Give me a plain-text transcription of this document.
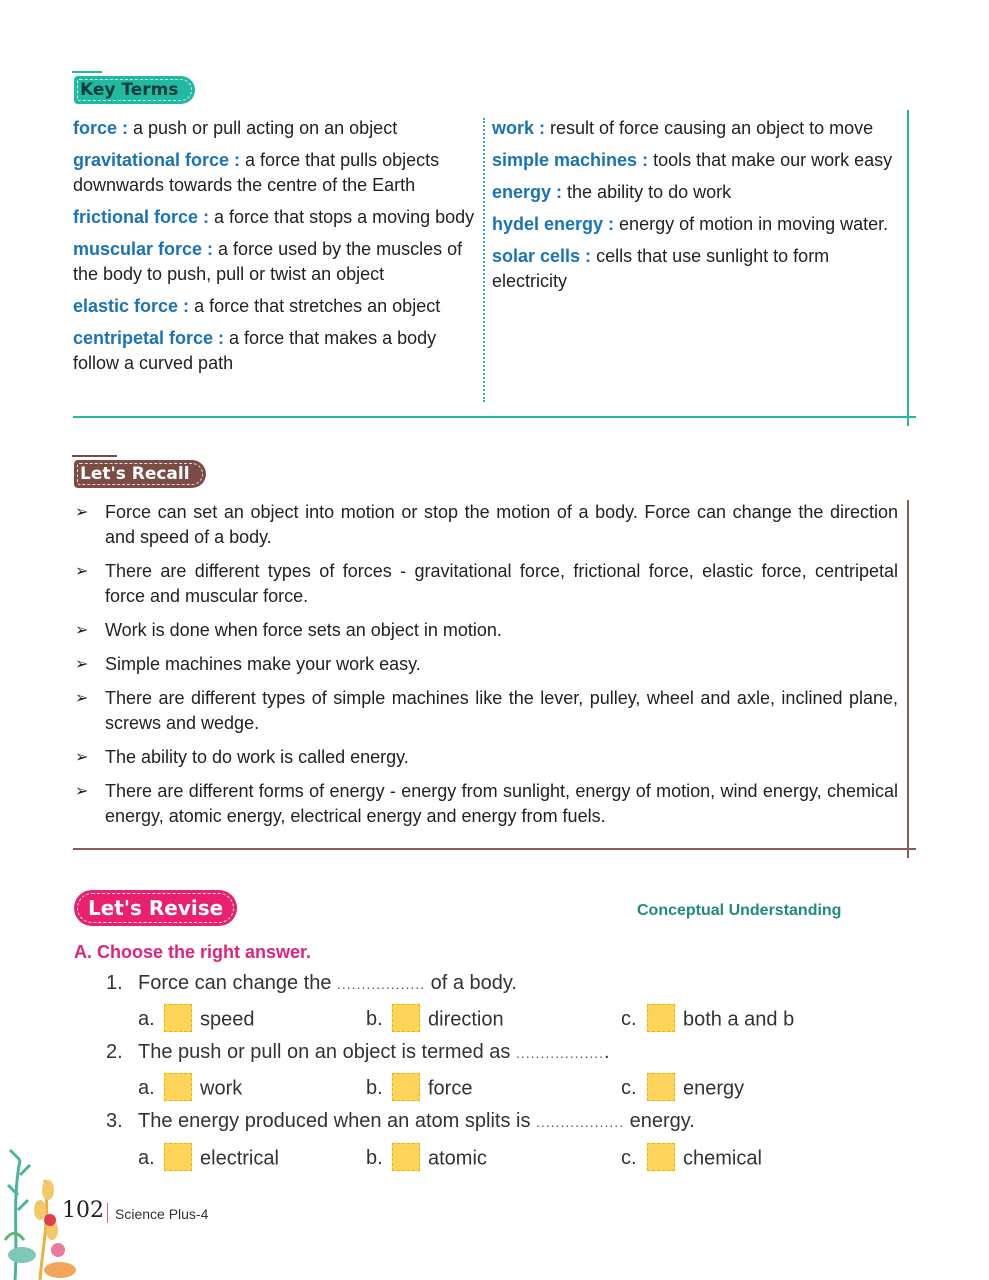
Key Terms
force : a push or pull acting on an object
gravitational force : a force that pulls objects downwards towards the centre of the Earth
frictional force : a force that stops a moving body
muscular force : a force used by the muscles of the body to push, pull or twist an object
elastic force : a force that stretches an object
centripetal force : a force that makes a body follow a curved path
work : result of force causing an object to move
simple machines : tools that make our work easy
energy : the ability to do work
hydel energy : energy of motion in moving water.
solar cells : cells that use sunlight to form electricity
Let's Recall
➢ Force can set an object into motion or stop the motion of a body. Force can change the direction and speed of a body.
➢ There are different types of forces - gravitational force, frictional force, elastic force, centripetal force and muscular force.
➢ Work is done when force sets an object in motion.
➢ Simple machines make your work easy.
➢ There are different types of simple machines like the lever, pulley, wheel and axle, inclined plane, screws and wedge.
➢ The ability to do work is called energy.
➢ There are different forms of energy - energy from sunlight, energy of motion, wind energy, chemical energy, atomic energy, electrical energy and energy from fuels.
Let's Revise	Conceptual Understanding
A. Choose the right answer.
1. Force can change the .................. of a body.
a. speed	b. direction	c. both a and b
2. The push or pull on an object is termed as ...................
a. work	b. force	c. energy
3. The energy produced when an atom splits is .................. energy.
a. electrical	b. atomic	c. chemical
102 Science Plus-4
